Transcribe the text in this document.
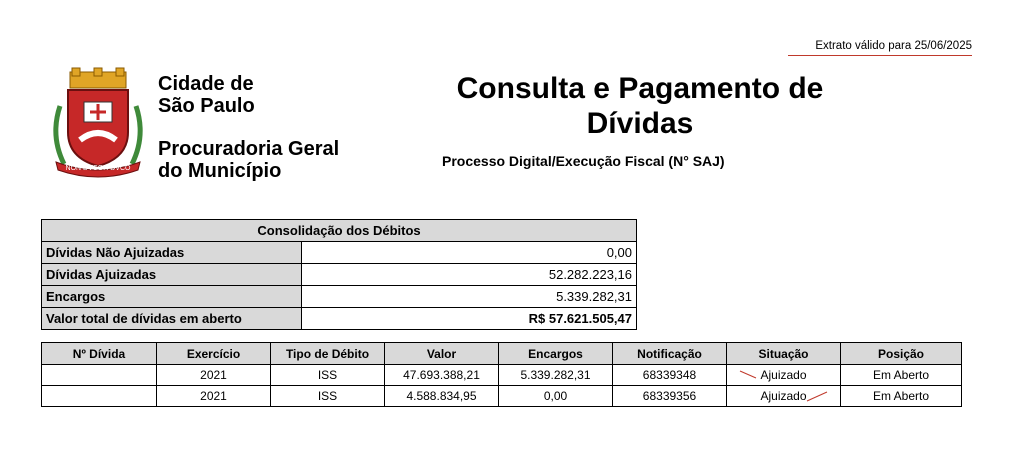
Extrato válido para 25/06/2025
NON DVCOR DVCO
Cidade de São Paulo
Procuradoria Geral do Município
Consulta e Pagamento de Dívidas
Processo Digital/Execução Fiscal (N° SAJ)
Consolidação dos Débitos	
Dívidas Não Ajuizadas	0,00
Dívidas Ajuizadas	52.282.223,16
Encargos	5.339.282,31
Valor total de dívidas em aberto	R$ 57.621.505,47
Nº Dívida	Exercício	Tipo de Débito	Valor	Encargos	Notificação	Situação	Posição
	2021	ISS	47.693.388,21	5.339.282,31	68339348	Ajuizado	Em Aberto
	2021	ISS	4.588.834,95	0,00	68339356	Ajuizado	Em Aberto
